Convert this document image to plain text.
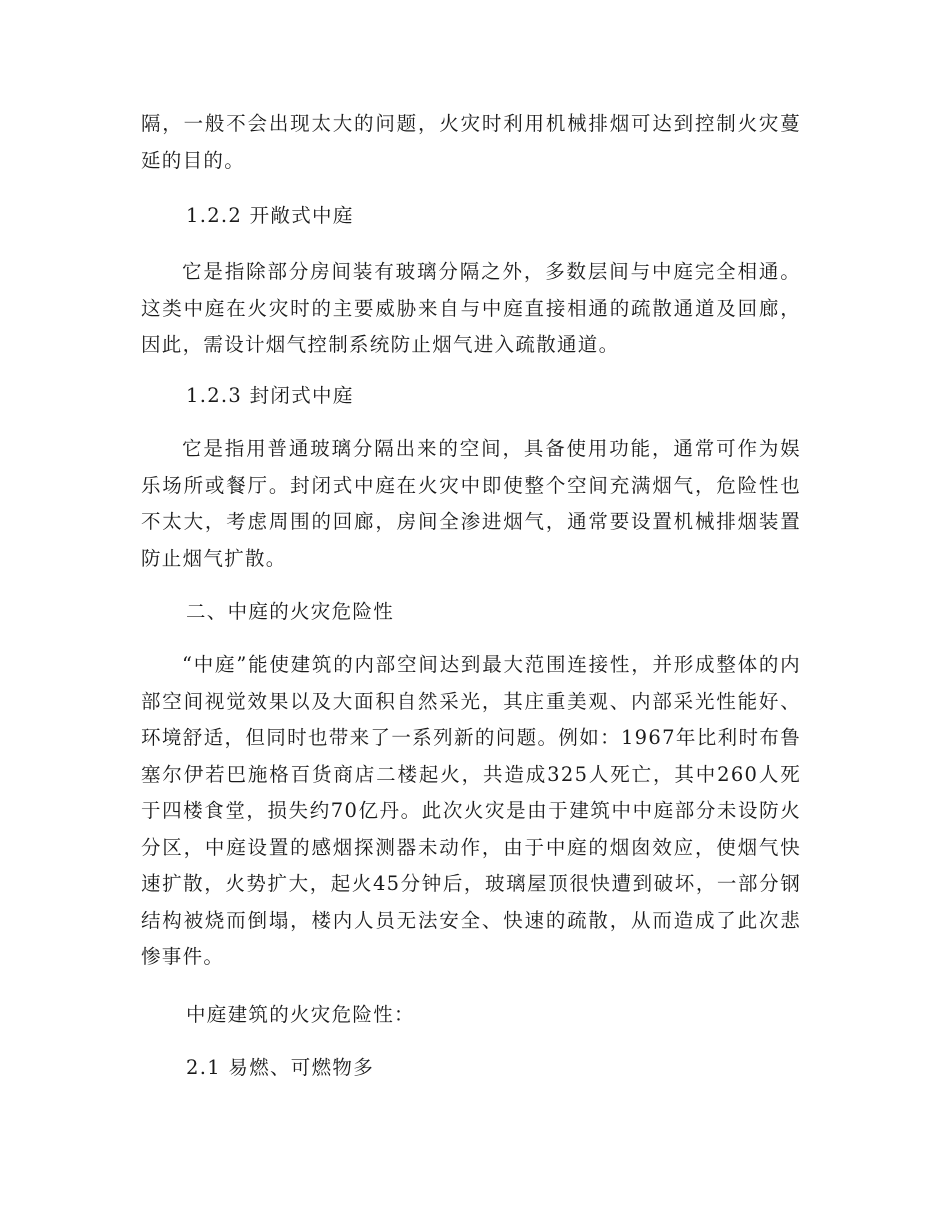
隔，一般不会出现太大的问题，火灾时利用机械排烟可达到控制火灾蔓延的目的。

1.2.2 开敞式中庭

它是指除部分房间装有玻璃分隔之外，多数层间与中庭完全相通。这类中庭在火灾时的主要威胁来自与中庭直接相通的疏散通道及回廊，因此，需设计烟气控制系统防止烟气进入疏散通道。

1.2.3 封闭式中庭

它是指用普通玻璃分隔出来的空间，具备使用功能，通常可作为娱乐场所或餐厅。封闭式中庭在火灾中即使整个空间充满烟气，危险性也不太大，考虑周围的回廊，房间全渗进烟气，通常要设置机械排烟装置防止烟气扩散。

二、中庭的火灾危险性

“中庭”能使建筑的内部空间达到最大范围连接性，并形成整体的内部空间视觉效果以及大面积自然采光，其庄重美观、内部采光性能好、环境舒适，但同时也带来了一系列新的问题。例如：1967年比利时布鲁塞尔伊若巴施格百货商店二楼起火，共造成325人死亡，其中260人死于四楼食堂，损失约70亿丹。此次火灾是由于建筑中中庭部分未设防火分区，中庭设置的感烟探测器未动作，由于中庭的烟囱效应，使烟气快速扩散，火势扩大，起火45分钟后，玻璃屋顶很快遭到破坏，一部分钢结构被烧而倒塌，楼内人员无法安全、快速的疏散，从而造成了此次悲惨事件。

中庭建筑的火灾危险性：

2.1 易燃、可燃物多
